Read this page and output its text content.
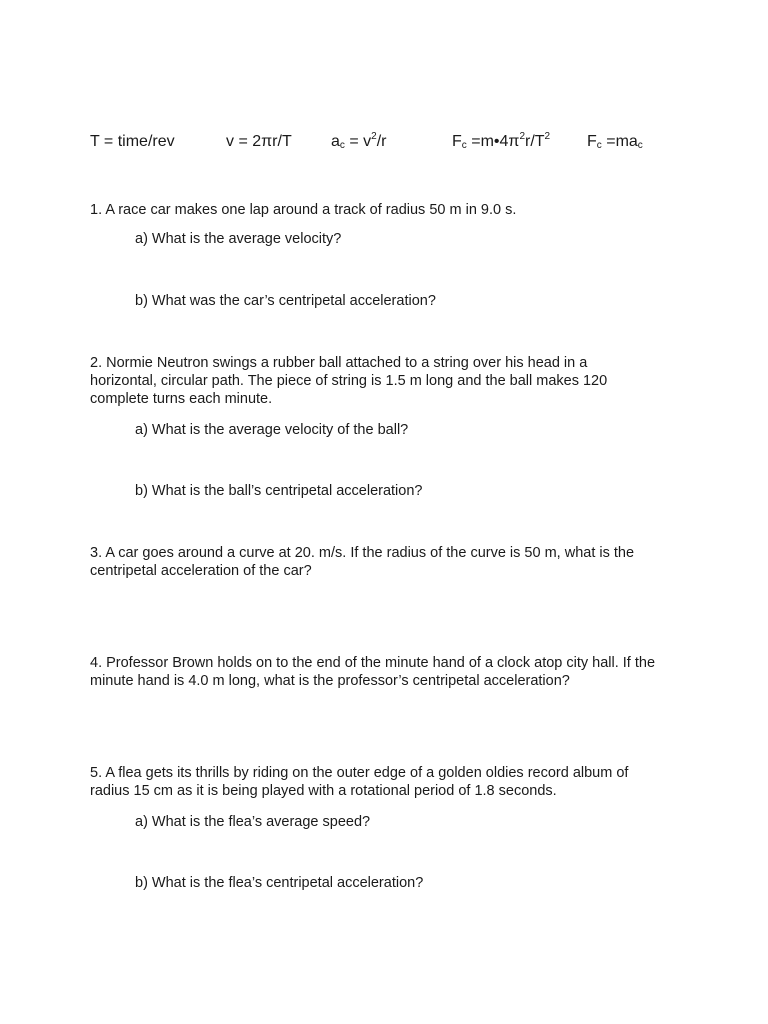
T = time/rev	v = 2πr/T $a_c = v^2/r$	$F_c$ $=m•4\pi^2r/T^2$ $F_c =ma_c$
1. A race car makes one lap around a track of radius 50 m in 9.0 s.
a) What is the average velocity?
b) What was the car’s centripetal acceleration?
2. Normie Neutron swings a rubber ball attached to a string over his head in a horizontal, circular path. The piece of string is 1.5 m long and the ball makes 120 complete turns each minute.
a) What is the average velocity of the ball?
b) What is the ball’s centripetal acceleration?
3. A car goes around a curve at 20. m/s. If the radius of the curve is 50 m, what is the centripetal acceleration of the car?
4. Professor Brown holds on to the end of the minute hand of a clock atop city hall. If the minute hand is 4.0 m long, what is the professor’s centripetal acceleration?
5. A flea gets its thrills by riding on the outer edge of a golden oldies record album of radius 15 cm as it is being played with a rotational period of 1.8 seconds.
a) What is the flea’s average speed?
b) What is the flea’s centripetal acceleration?
